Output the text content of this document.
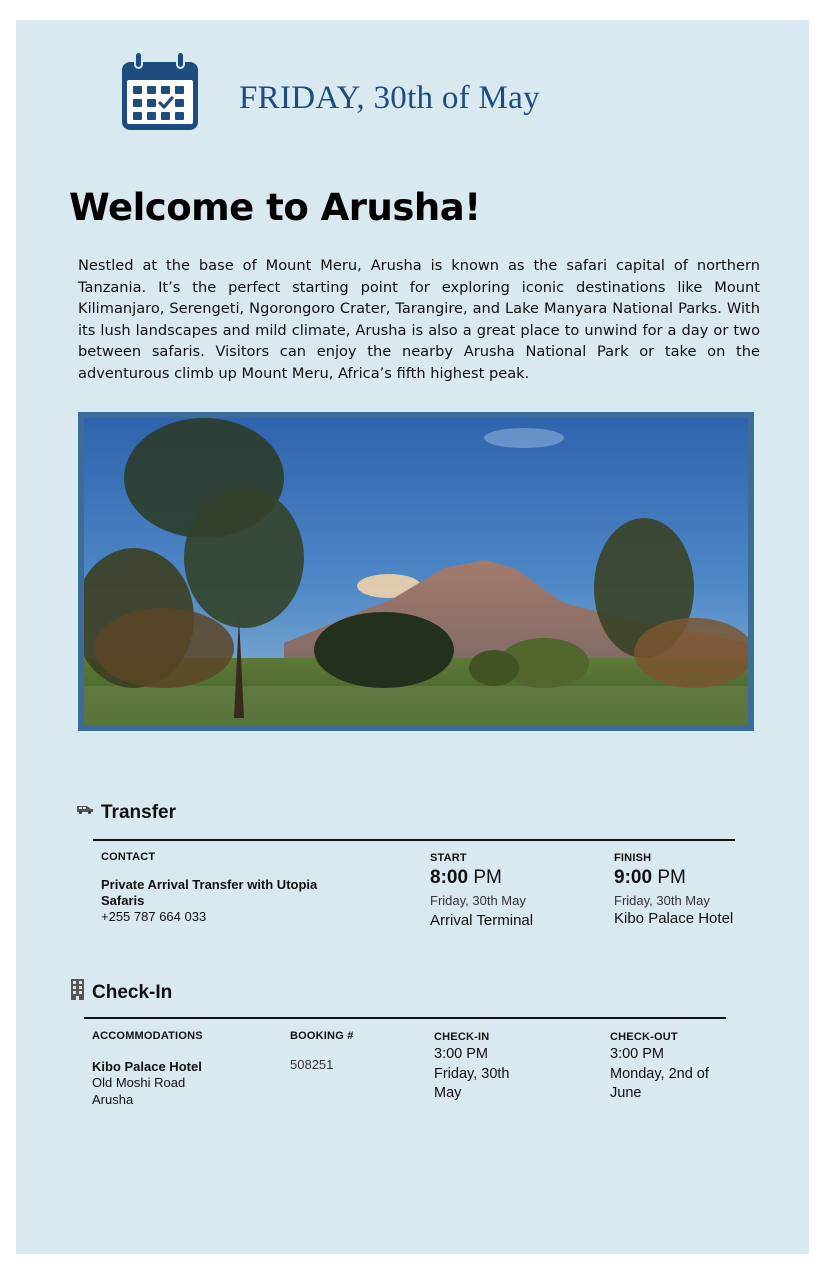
FRIDAY, 30th of May
Welcome to Arusha!
Nestled at the base of Mount Meru, Arusha is known as the safari capital of northern Tanzania. It’s the perfect starting point for exploring iconic destinations like Mount Kilimanjaro, Serengeti, Ngorongoro Crater, Tarangire, and Lake Manyara National Parks. With its lush landscapes and mild climate, Arusha is also a great place to unwind for a day or two between safaris. Visitors can enjoy the nearby Arusha National Park or take on the adventurous climb up Mount Meru, Africa’s fifth highest peak.
Transfer
CONTACT
Private Arrival Transfer with Utopia Safaris
+255 787 664 033
START
8:00 PM
Friday, 30th May
Arrival Terminal
FINISH
9:00 PM
Friday, 30th May
Kibo Palace Hotel
Check-In
ACCOMMODATIONS
Kibo Palace Hotel
Old Moshi Road
Arusha
BOOKING #
508251
CHECK-IN
3:00 PM
Friday, 30th May
CHECK-OUT
3:00 PM
Monday, 2nd of June
